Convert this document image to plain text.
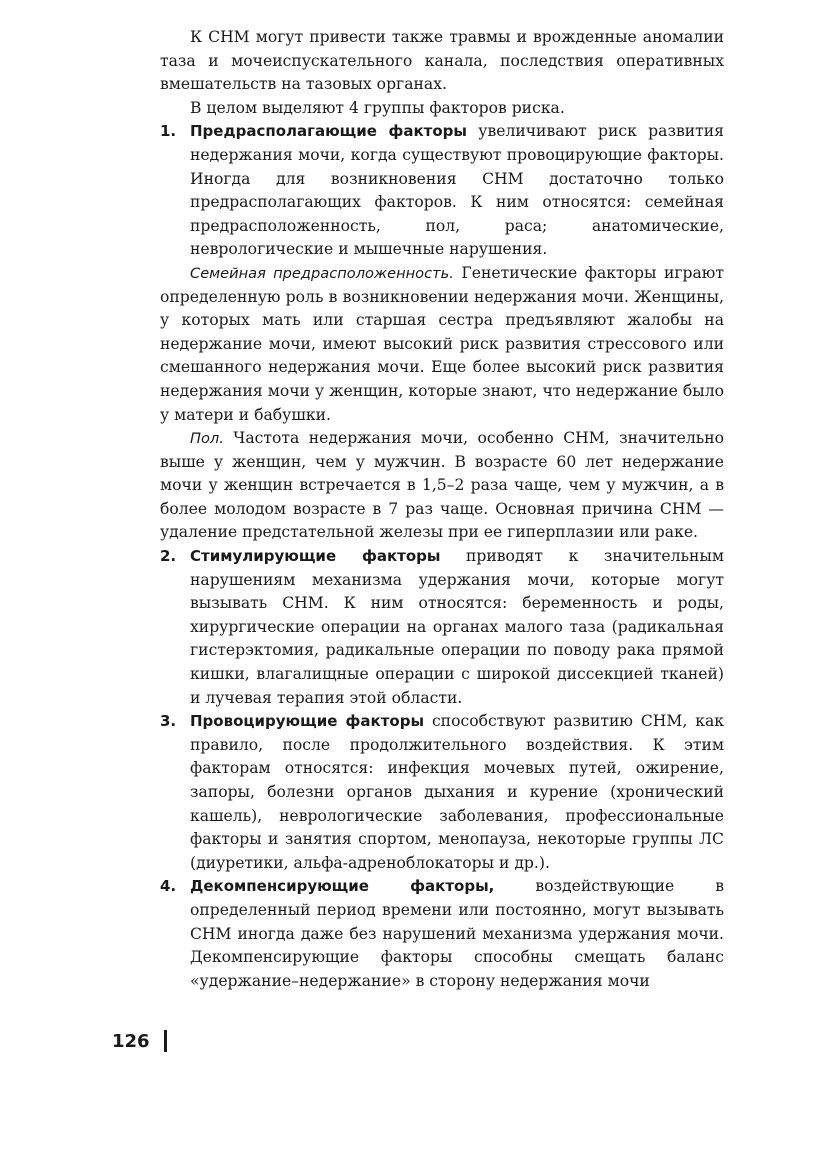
К СНМ могут привести также травмы и врожденные аномалии таза и мочеиспускательного канала, последствия оперативных вмешательств на тазовых органах.

В целом выделяют 4 группы факторов риска.

1. Предрасполагающие факторы увеличивают риск развития недержания мочи, когда существуют провоцирующие факторы. Иногда для возникновения СНМ достаточно только предрасполагающих факторов. К ним относятся: семейная предрасположенность, пол, раса; анатомические, неврологические и мышечные нарушения.

Семейная предрасположенность. Генетические факторы играют определенную роль в возникновении недержания мочи. Женщины, у которых мать или старшая сестра предъявляют жалобы на недержание мочи, имеют высокий риск развития стрессового или смешанного недержания мочи. Еще более высокий риск развития недержания мочи у женщин, которые знают, что недержание было у матери и бабушки.

Пол. Частота недержания мочи, особенно СНМ, значительно выше у женщин, чем у мужчин. В возрасте 60 лет недержание мочи у женщин встречается в 1,5–2 раза чаще, чем у мужчин, а в более молодом возрасте в 7 раз чаще. Основная причина СНМ — удаление предстательной железы при ее гиперплазии или раке.

2. Стимулирующие факторы приводят к значительным нарушениям механизма удержания мочи, которые могут вызывать СНМ. К ним относятся: беременность и роды, хирургические операции на органах малого таза (радикальная гистерэктомия, радикальные операции по поводу рака прямой кишки, влагалищные операции с широкой диссекцией тканей) и лучевая терапия этой области.
3. Провоцирующие факторы способствуют развитию СНМ, как правило, после продолжительного воздействия. К этим факторам относятся: инфекция мочевых путей, ожирение, запоры, болезни органов дыхания и курение (хронический кашель), неврологические заболевания, профессиональные факторы и занятия спортом, менопауза, некоторые группы ЛС (диуретики, альфа-адреноблокаторы и др.).
4. Декомпенсирующие факторы, воздействующие в определенный период времени или постоянно, могут вызывать СНМ иногда даже без нарушений механизма удержания мочи. Декомпенсирующие факторы способны смещать баланс «удержание–недержание» в сторону недержания мочи
126
